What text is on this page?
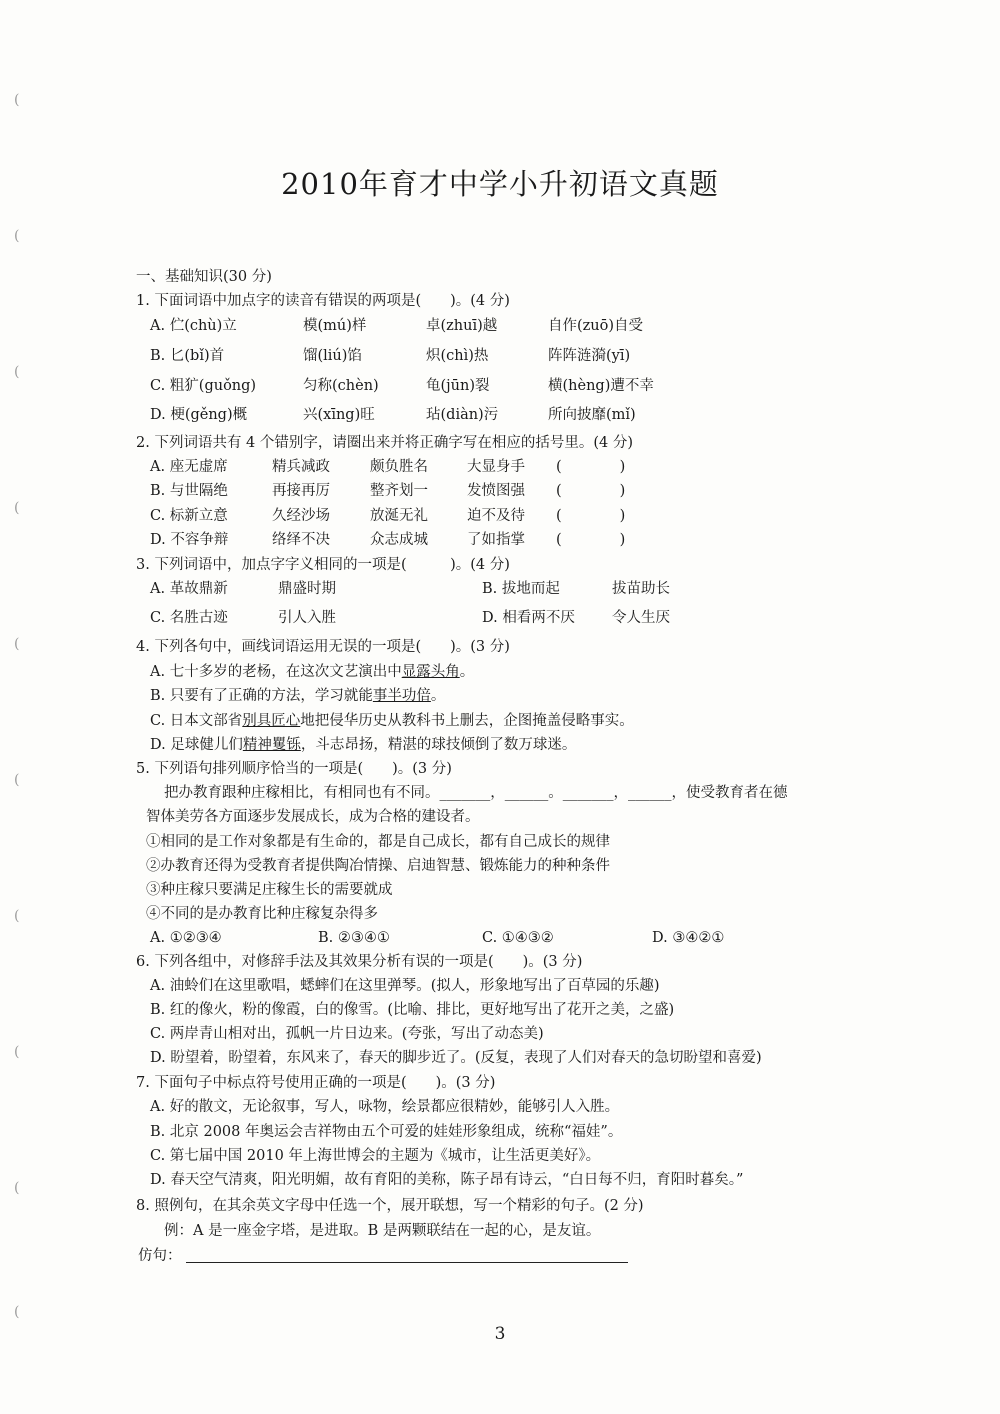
(
(
(
(
(
(
(
(
(
(
2010年育才中学小升初语文真题
一、基础知识(30 分)
1. 下面词语中加点字的读音有错误的两项是(　　)。(4 分)
A. 伫(chù)立	模(mú)样	卓(zhuī)越	自作(zuō)自受
B. 匕(bǐ)首	馏(liú)馅	炽(chì)热	阵阵涟漪(yī)
C. 粗犷(guǒng)	匀称(chèn)	龟(jūn)裂	横(hèng)遭不幸
D. 梗(gěng)概	兴(xīng)旺	玷(diàn)污	所向披靡(mǐ)
2. 下列词语共有 4 个错别字，请圈出来并将正确字写在相应的括号里。(4 分)
A. 座无虚席	精兵减政	颇负胜名	大显身手 (　　　　)
B. 与世隔绝	再接再厉	整齐划一	发愤图强 (　　　　)
C. 标新立意	久经沙场	放涎无礼	迫不及待 (　　　　)
D. 不容争辩	络绎不决	众志成城	了如指掌 (　　　　)
3. 下列词语中，加点字字义相同的一项是(　　　)。(4 分)
A. 革故鼎新	鼎盛时期	B. 拔地而起	拔苗助长
C. 名胜古迹	引人入胜	D. 相看两不厌	令人生厌
4. 下列各句中，画线词语运用无误的一项是(　　)。(3 分)
A. 七十多岁的老杨，在这次文艺演出中显露头角。
B. 只要有了正确的方法，学习就能事半功倍。
C. 日本文部省别具匠心地把侵华历史从教科书上删去，企图掩盖侵略事实。
D. 足球健儿们精神矍铄，斗志昂扬，精湛的球技倾倒了数万球迷。
5. 下列语句排列顺序恰当的一项是(　　)。(3 分)
把办教育跟种庄稼相比，有相同也有不同。_______，______。_______，______，使受教育者在德
智体美劳各方面逐步发展成长，成为合格的建设者。
①相同的是工作对象都是有生命的，都是自己成长，都有自己成长的规律
②办教育还得为受教育者提供陶冶情操、启迪智慧、锻炼能力的种种条件
③种庄稼只要满足庄稼生长的需要就成
④不同的是办教育比种庄稼复杂得多
A. ①②③④	B. ②③④①	C. ①④③②	D. ③④②①
6. 下列各组中，对修辞手法及其效果分析有误的一项是(　　)。(3 分)
A. 油蛉们在这里歌唱，蟋蟀们在这里弹琴。(拟人，形象地写出了百草园的乐趣)
B. 红的像火，粉的像霞，白的像雪。(比喻、排比，更好地写出了花开之美，之盛)
C. 两岸青山相对出，孤帆一片日边来。(夸张，写出了动态美)
D. 盼望着，盼望着，东风来了，春天的脚步近了。(反复，表现了人们对春天的急切盼望和喜爱)
7. 下面句子中标点符号使用正确的一项是(　　)。(3 分)
A. 好的散文，无论叙事，写人，咏物，绘景都应很精妙，能够引人入胜。
B. 北京 2008 年奥运会吉祥物由五个可爱的娃娃形象组成，统称“福娃”。
C. 第七届中国 2010 年上海世博会的主题为《城市，让生活更美好》。
D. 春天空气清爽，阳光明媚，故有育阳的美称，陈子昂有诗云，“白日每不归，育阳时暮矣。”
8. 照例句，在其余英文字母中任选一个，展开联想，写一个精彩的句子。(2 分)
例：A 是一座金字塔，是进取。B 是两颗联结在一起的心，是友谊。
仿句：
3
